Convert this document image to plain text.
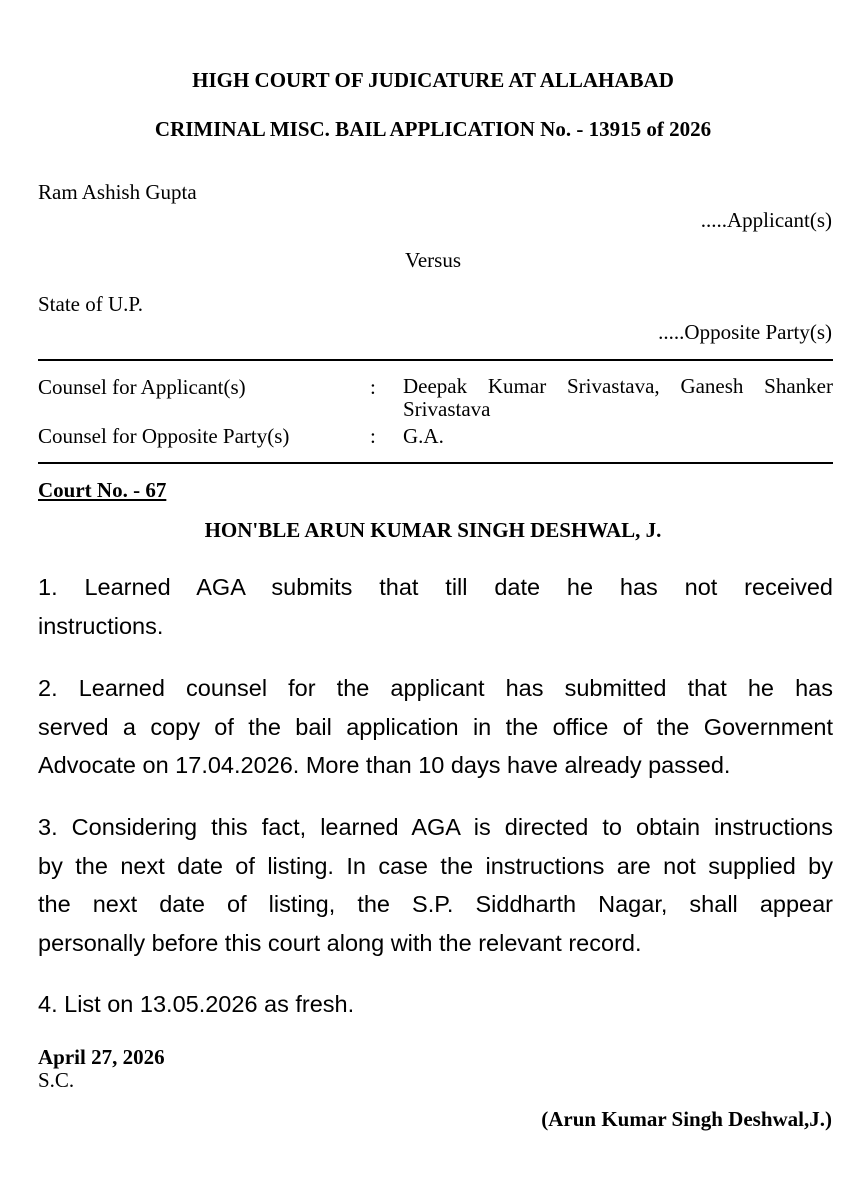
HIGH COURT OF JUDICATURE AT ALLAHABAD
CRIMINAL MISC. BAIL APPLICATION No. - 13915 of 2026
Ram Ashish Gupta
.....Applicant(s)
Versus
State of U.P.
.....Opposite Party(s)
Counsel for Applicant(s)	: Deepak Kumar Srivastava, Ganesh Shanker Srivastava
Counsel for Opposite Party(s)	: G.A.
Court No. - 67
HON'BLE ARUN KUMAR SINGH DESHWAL, J.
1. Learned AGA submits that till date he has not received
instructions.
2. Learned counsel for the applicant has submitted that he has
served a copy of the bail application in the office of the Government
Advocate on 17.04.2026. More than 10 days have already passed.
3. Considering this fact, learned AGA is directed to obtain instructions
by the next date of listing. In case the instructions are not supplied by
the next date of listing, the S.P. Siddharth Nagar, shall appear
personally before this court along with the relevant record.
4. List on 13.05.2026 as fresh.
April 27, 2026
S.C.
(Arun Kumar Singh Deshwal,J.)
